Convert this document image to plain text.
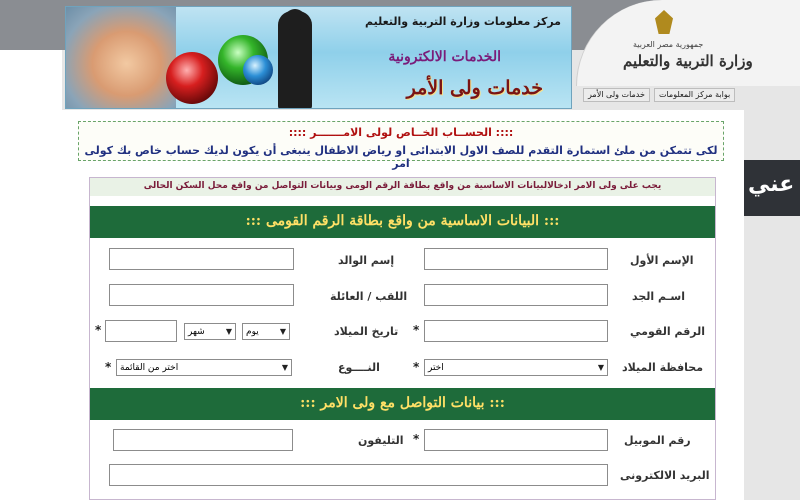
مركز معلومات وزارة التربية والتعليم
الخدمات الالكترونية
خدمات ولى الأمر
جمهورية مصر العربية
وزارة التربية والتعليم
بوابة مركز المعلومات
خدمات ولى الأمر
عني
:::: الحســاب الخــاص لولى الامـــــــر ::::
لكى تتمكن من ملئ استمارة التقدم للصف الاول الابتدائى او رياض الاطفال ينبغى أن يكون لديك حساب خاص بك كولى امر
يجب على ولى الامر ادخالالبيانات الاساسية من واقع بطاقة الرقم الومى وبيانات التواصل من واقع محل السكن الحالى
::: البيانات الاساسية من واقع بطاقة الرقم القومى :::
الإسم الأول
إسم الوالد
اسـم الجد
اللقب / العائلة
الرقم القومي
*
تاريخ الميلاد
▼
يوم
▼
شهر
*
محافظة الميلاد
▼
اختر
*
النــــوع
▼
اختر من القائمة
*
::: بيانات التواصل مع ولى الامر :::
رقم الموبيل
*
التليفون
البريد الالكترونى
